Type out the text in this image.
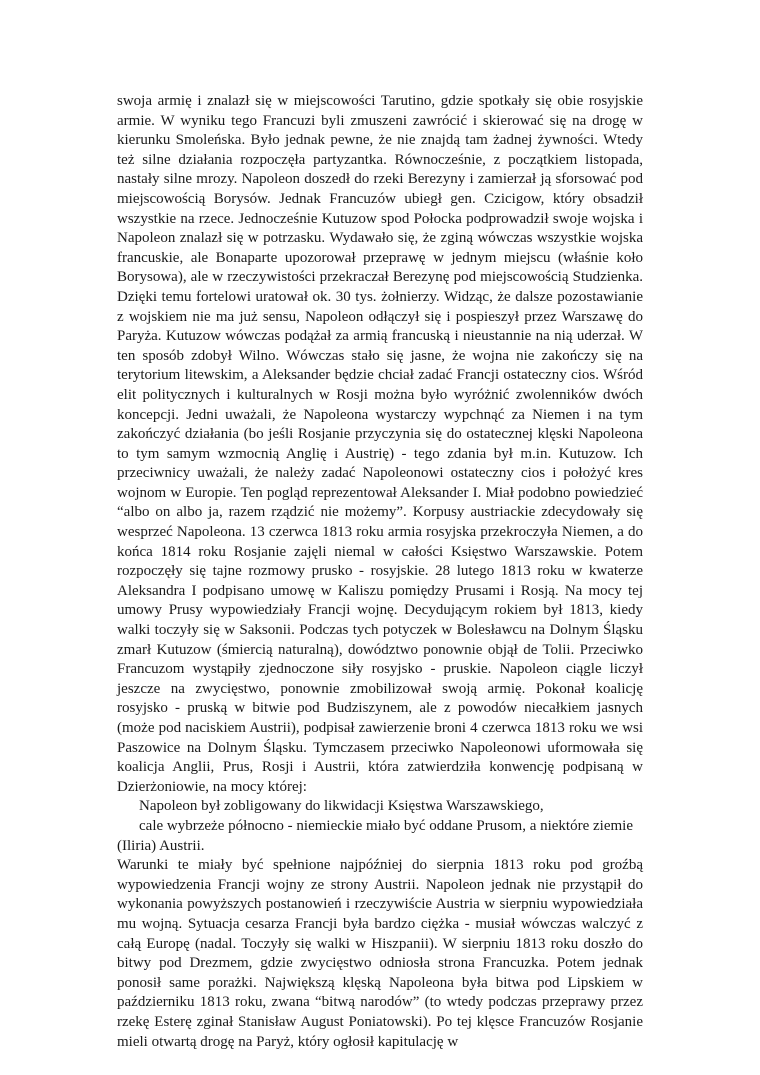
swoja armię i znalazł się w miejscowości Tarutino, gdzie spotkały się obie rosyjskie armie. W wyniku tego Francuzi byli zmuszeni zawrócić i skierować się na drogę w kierunku Smoleńska. Było jednak pewne, że nie znajdą tam żadnej żywności. Wtedy też silne działania rozpoczęła partyzantka. Równocześnie, z początkiem listopada, nastały silne mrozy. Napoleon doszedł do rzeki Berezyny i zamierzał ją sforsować pod miejscowością Borysów. Jednak Francuzów ubiegł gen. Czicigow, który obsadził wszystkie na rzece. Jednocześnie Kutuzow spod Połocka podprowadził swoje wojska i Napoleon znalazł się w potrzasku. Wydawało się, że zginą wówczas wszystkie wojska francuskie, ale Bonaparte upozorował przeprawę w jednym miejscu (właśnie koło Borysowa), ale w rzeczywistości przekraczał Berezynę pod miejscowością Studzienka. Dzięki temu fortelowi uratował ok. 30 tys. żołnierzy. Widząc, że dalsze pozostawianie z wojskiem nie ma już sensu, Napoleon odłączył się i pospieszył przez Warszawę do Paryża. Kutuzow wówczas podążał za armią francuską i nieustannie na nią uderzał. W ten sposób zdobył Wilno. Wówczas stało się jasne, że wojna nie zakończy się na terytorium litewskim, a Aleksander będzie chciał zadać Francji ostateczny cios. Wśród elit politycznych i kulturalnych w Rosji można było wyróżnić zwolenników dwóch koncepcji. Jedni uważali, że Napoleona wystarczy wypchnąć za Niemen i na tym zakończyć działania (bo jeśli Rosjanie przyczynia się do ostatecznej klęski Napoleona to tym samym wzmocnią Anglię i Austrię) - tego zdania był m.in. Kutuzow. Ich przeciwnicy uważali, że należy zadać Napoleonowi ostateczny cios i położyć kres wojnom w Europie. Ten pogląd reprezentował Aleksander I. Miał podobno powiedzieć “albo on albo ja, razem rządzić nie możemy”. Korpusy austriackie zdecydowały się wesprzeć Napoleona. 13 czerwca 1813 roku armia rosyjska przekroczyła Niemen, a do końca 1814 roku Rosjanie zajęli niemal w całości Księstwo Warszawskie. Potem rozpoczęły się tajne rozmowy prusko - rosyjskie. 28 lutego 1813 roku w kwaterze Aleksandra I podpisano umowę w Kaliszu pomiędzy Prusami i Rosją. Na mocy tej umowy Prusy wypowiedziały Francji wojnę. Decydującym rokiem był 1813, kiedy walki toczyły się w Saksonii. Podczas tych potyczek w Bolesławcu na Dolnym Śląsku zmarł Kutuzow (śmiercią naturalną), dowództwo ponownie objął de Tolii. Przeciwko Francuzom wystąpiły zjednoczone siły rosyjsko - pruskie. Napoleon ciągle liczył jeszcze na zwycięstwo, ponownie zmobilizował swoją armię. Pokonał koalicję rosyjsko - pruską w bitwie pod Budziszynem, ale z powodów niecałkiem jasnych (może pod naciskiem Austrii), podpisał zawierzenie broni 4 czerwca 1813 roku we wsi Paszowice na Dolnym Śląsku. Tymczasem przeciwko Napoleonowi uformowała się koalicja Anglii, Prus, Rosji i Austrii, która zatwierdziła konwencję podpisaną w Dzierżoniowie, na mocy której:

Napoleon był zobligowany do likwidacji Księstwa Warszawskiego,

cale wybrzeże północno - niemieckie miało być oddane Prusom, a niektóre ziemie (Iliria) Austrii.

Warunki te miały być spełnione najpóźniej do sierpnia 1813 roku pod groźbą wypowiedzenia Francji wojny ze strony Austrii. Napoleon jednak nie przystąpił do wykonania powyższych postanowień i rzeczywiście Austria w sierpniu wypowiedziała mu wojną. Sytuacja cesarza Francji była bardzo ciężka - musiał wówczas walczyć z całą Europę (nadal. Toczyły się walki w Hiszpanii). W sierpniu 1813 roku doszło do bitwy pod Drezmem, gdzie zwycięstwo odniosła strona Francuzka. Potem jednak ponosił same porażki. Największą klęską Napoleona była bitwa pod Lipskiem w październiku 1813 roku, zwana “bitwą narodów” (to wtedy podczas przeprawy przez rzekę Esterę zginał Stanisław August Poniatowski). Po tej klęsce Francuzów Rosjanie mieli otwartą drogę na Paryż, który ogłosił kapitulację w
